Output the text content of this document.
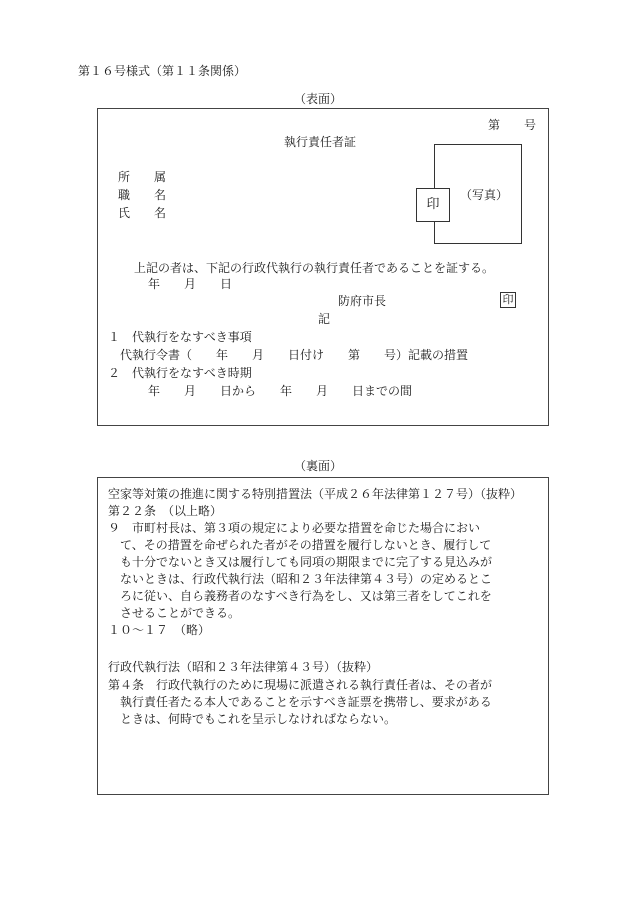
第１６号様式（第１１条関係）
（表面）
第　　号
執行責任者証
所　　属
職　　名
氏　　名
（写真）
印
上記の者は、下記の行政代執行の執行責任者であることを証する。
年　　月　　日
防府市長	印
記
１　代執行をなすべき事項
代執行令書（　　年　　月　　日付け　　第　　号）記載の措置
２　代執行をなすべき時期
年　　月　　日から　　年　　月　　日までの間
（裏面）
空家等対策の推進に関する特別措置法（平成２６年法律第１２７号）（抜粋）
第２２条　（以上略）
９　市町村長は、第３項の規定により必要な措置を命じた場合におい
て、その措置を命ぜられた者がその措置を履行しないとき、履行して
も十分でないとき又は履行しても同項の期限までに完了する見込みが
ないときは、行政代執行法（昭和２３年法律第４３号）の定めるとこ
ろに従い、自ら義務者のなすべき行為をし、又は第三者をしてこれを
させることができる。
１０～１７　（略）
行政代執行法（昭和２３年法律第４３号）（抜粋）
第４条　行政代執行のために現場に派遣される執行責任者は、その者が
執行責任者たる本人であることを示すべき証票を携帯し、要求がある
ときは、何時でもこれを呈示しなければならない。
